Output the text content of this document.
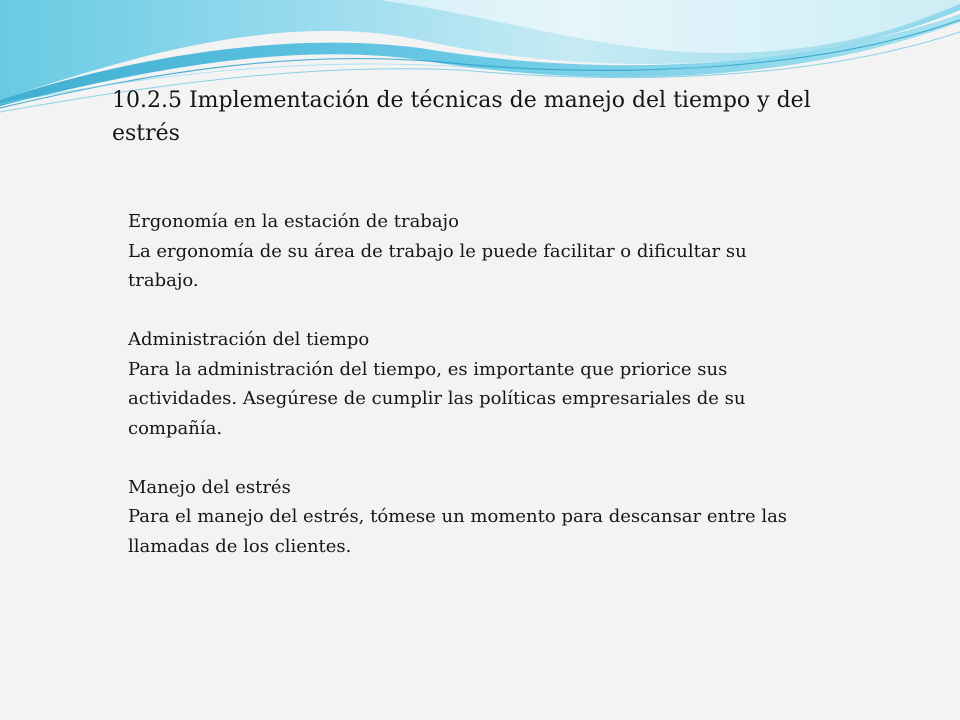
10.2.5 Implementación de técnicas de manejo del tiempo y del estrés
Ergonomía en la estación de trabajo
La ergonomía de su área de trabajo le puede facilitar o dificultar su trabajo.
Administración del tiempo
Para la administración del tiempo, es importante que priorice sus actividades. Asegúrese de cumplir las políticas empresariales de su compañía.
Manejo del estrés
Para el manejo del estrés, tómese un momento para descansar entre las llamadas de los clientes.
